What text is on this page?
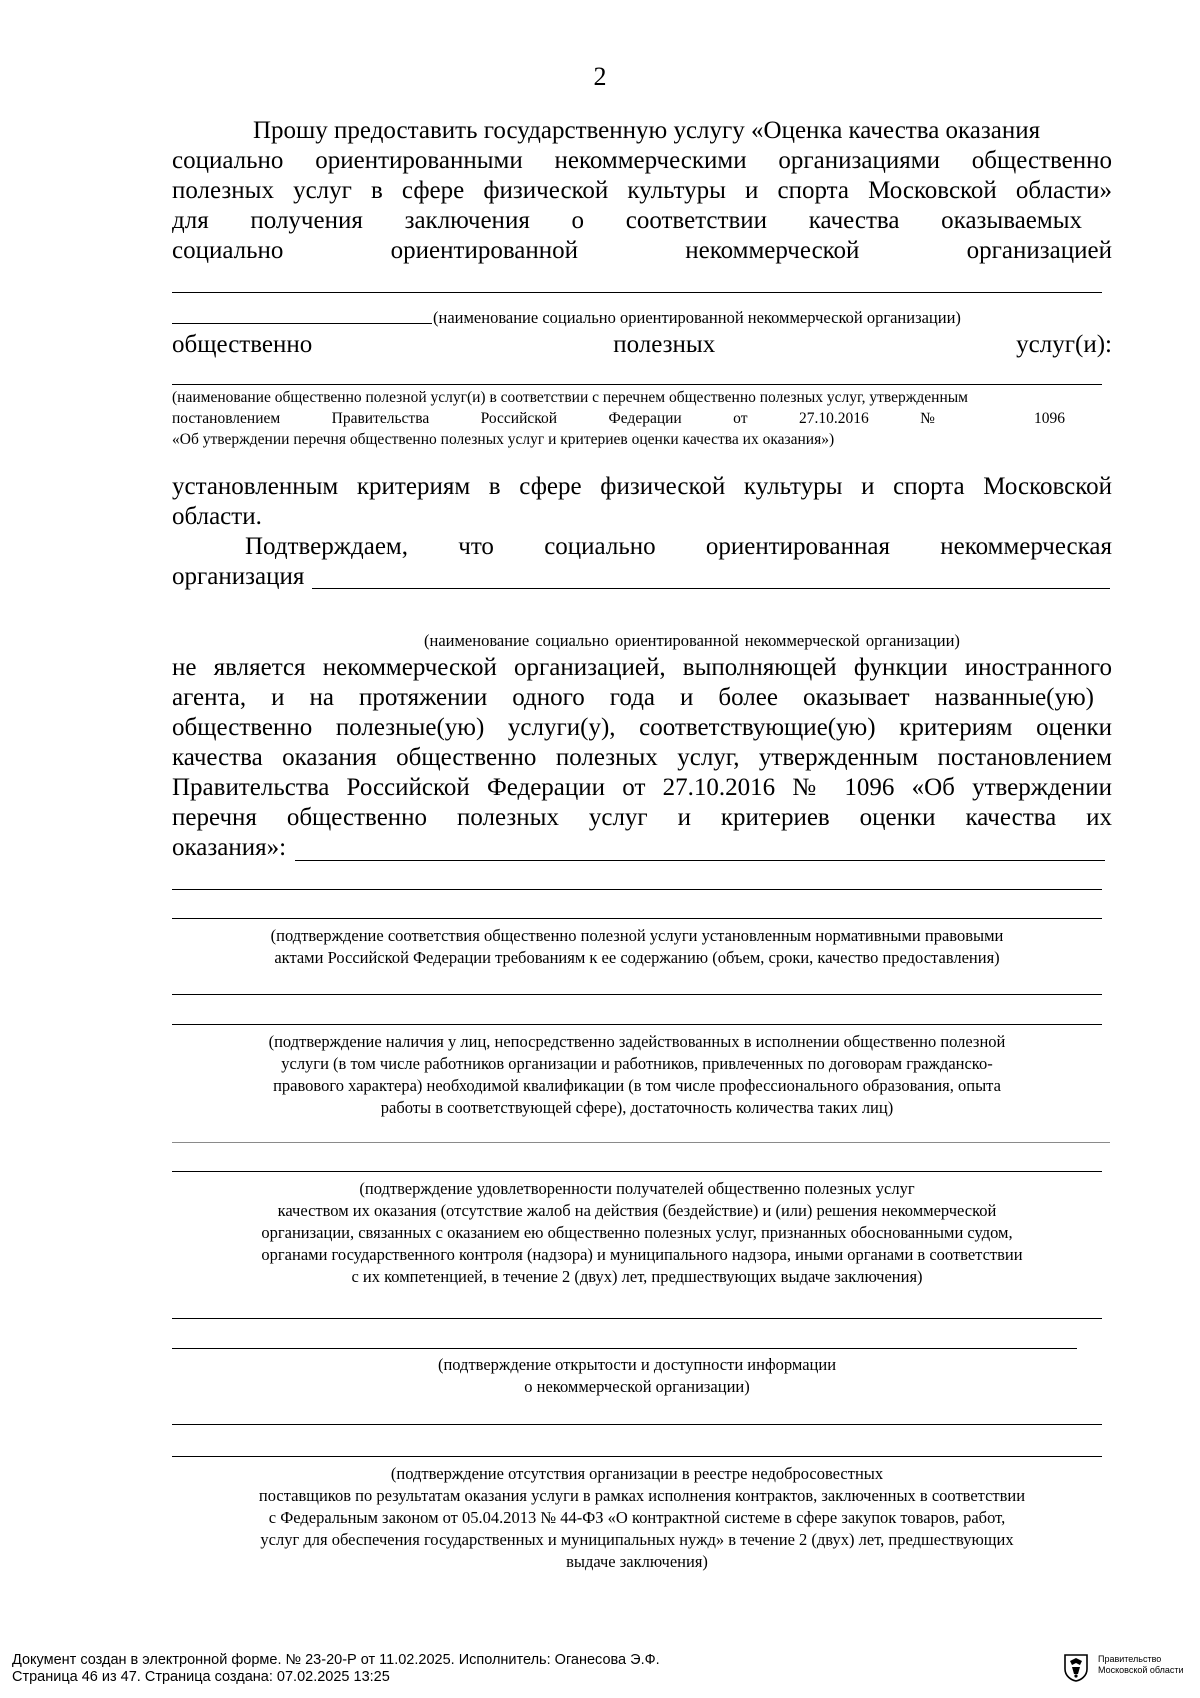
2
Прошу предоставить государственную услугу «Оценка качества оказания
социально ориентированными некоммерческими организациями общественно
полезных услуг в сфере физической культуры и спорта Московской области»
для получения заключения о соответствии качества оказываемых
социально ориентированной некоммерческой организацией
(наименование социально ориентированной некоммерческой организации)
общественно полезных услуг(и):
(наименование общественно полезной услуг(и) в соответствии с перечнем общественно полезных услуг, утвержденным
постановлением Правительства Российской Федерации от 27.10.2016 № 1096
«Об утверждении перечня общественно полезных услуг и критериев оценки качества их оказания»)
установленным критериям в сфере физической культуры и спорта Московской
области.
Подтверждаем, что социально ориентированная некоммерческая
организация
(наименование социально ориентированной некоммерческой организации)
не является некоммерческой организацией, выполняющей функции иностранного
агента, и на протяжении одного года и более оказывает названные(ую)
общественно полезные(ую) услуги(у), соответствующие(ую) критериям оценки
качества оказания общественно полезных услуг, утвержденным постановлением
Правительства Российской Федерации от 27.10.2016 № 1096 «Об утверждении
перечня общественно полезных услуг и критериев оценки качества их
оказания»:
(подтверждение соответствия общественно полезной услуги установленным нормативными правовыми
актами Российской Федерации требованиям к ее содержанию (объем, сроки, качество предоставления)
(подтверждение наличия у лиц, непосредственно задействованных в исполнении общественно полезной
услуги (в том числе работников организации и работников, привлеченных по договорам гражданско-
правового характера) необходимой квалификации (в том числе профессионального образования, опыта
работы в соответствующей сфере), достаточность количества таких лиц)
(подтверждение удовлетворенности получателей общественно полезных услуг
качеством их оказания (отсутствие жалоб на действия (бездействие) и (или) решения некоммерческой
организации, связанных с оказанием ею общественно полезных услуг, признанных обоснованными судом,
органами государственного контроля (надзора) и муниципального надзора, иными органами в соответствии
с их компетенцией, в течение 2 (двух) лет, предшествующих выдаче заключения)
(подтверждение открытости и доступности информации
о некоммерческой организации)
(подтверждение отсутствия организации в реестре недобросовестных
поставщиков по результатам оказания услуги в рамках исполнения контрактов, заключенных в соответствии
с Федеральным законом от 05.04.2013 № 44-ФЗ «О контрактной системе в сфере закупок товаров, работ,
услуг для обеспечения государственных и муниципальных нужд» в течение 2 (двух) лет, предшествующих
выдаче заключения)
Документ создан в электронной форме. № 23-20-Р от 11.02.2025. Исполнитель: Оганесова Э.Ф.
Страница 46 из 47. Страница создана: 07.02.2025 13:25
Правительство
Московской области
